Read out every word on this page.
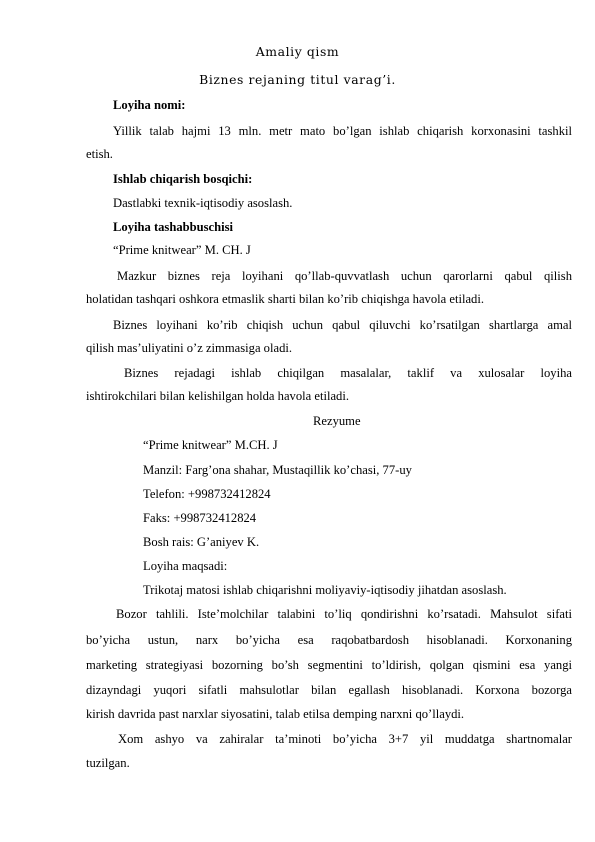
Amaliy qism
Biznes rejaning titul varag’i.
Loyiha nomi:
Yillik talab hajmi 13 mln. metr mato bo’lgan ishlab chiqarish korxonasini tashkil
etish.
Ishlab chiqarish bosqichi:
Dastlabki texnik-iqtisodiy asoslash.
Loyiha tashabbuschisi
“Prime knitwear” M. CH. J
Mazkur biznes reja loyihani qo’llab-quvvatlash uchun qarorlarni qabul qilish
holatidan tashqari oshkora etmaslik sharti bilan ko’rib chiqishga havola etiladi.
Biznes loyihani ko’rib chiqish uchun qabul qiluvchi ko’rsatilgan shartlarga amal
qilish mas’uliyatini o’z zimmasiga oladi.
Biznes rejadagi ishlab chiqilgan masalalar, taklif va xulosalar loyiha
ishtirokchilari bilan kelishilgan holda havola etiladi.
Rezyume
“Prime knitwear” M.CH. J
Manzil: Farg’ona shahar, Mustaqillik ko’chasi, 77-uy
Telefon: +998732412824
Faks: +998732412824
Bosh rais: G’aniyev K.
Loyiha maqsadi:
Trikotaj matosi ishlab chiqarishni moliyaviy-iqtisodiy jihatdan asoslash.
Bozor tahlili. Iste’molchilar talabini to’liq qondirishni ko’rsatadi. Mahsulot sifati
bo’yicha ustun, narx bo’yicha esa raqobatbardosh hisoblanadi. Korxonaning
marketing strategiyasi bozorning bo’sh segmentini to’ldirish, qolgan qismini esa yangi
dizayndagi yuqori sifatli mahsulotlar bilan egallash hisoblanadi. Korxona bozorga
kirish davrida past narxlar siyosatini, talab etilsa demping narxni qo’llaydi.
Xom ashyo va zahiralar ta’minoti bo’yicha 3+7 yil muddatga shartnomalar
tuzilgan.
